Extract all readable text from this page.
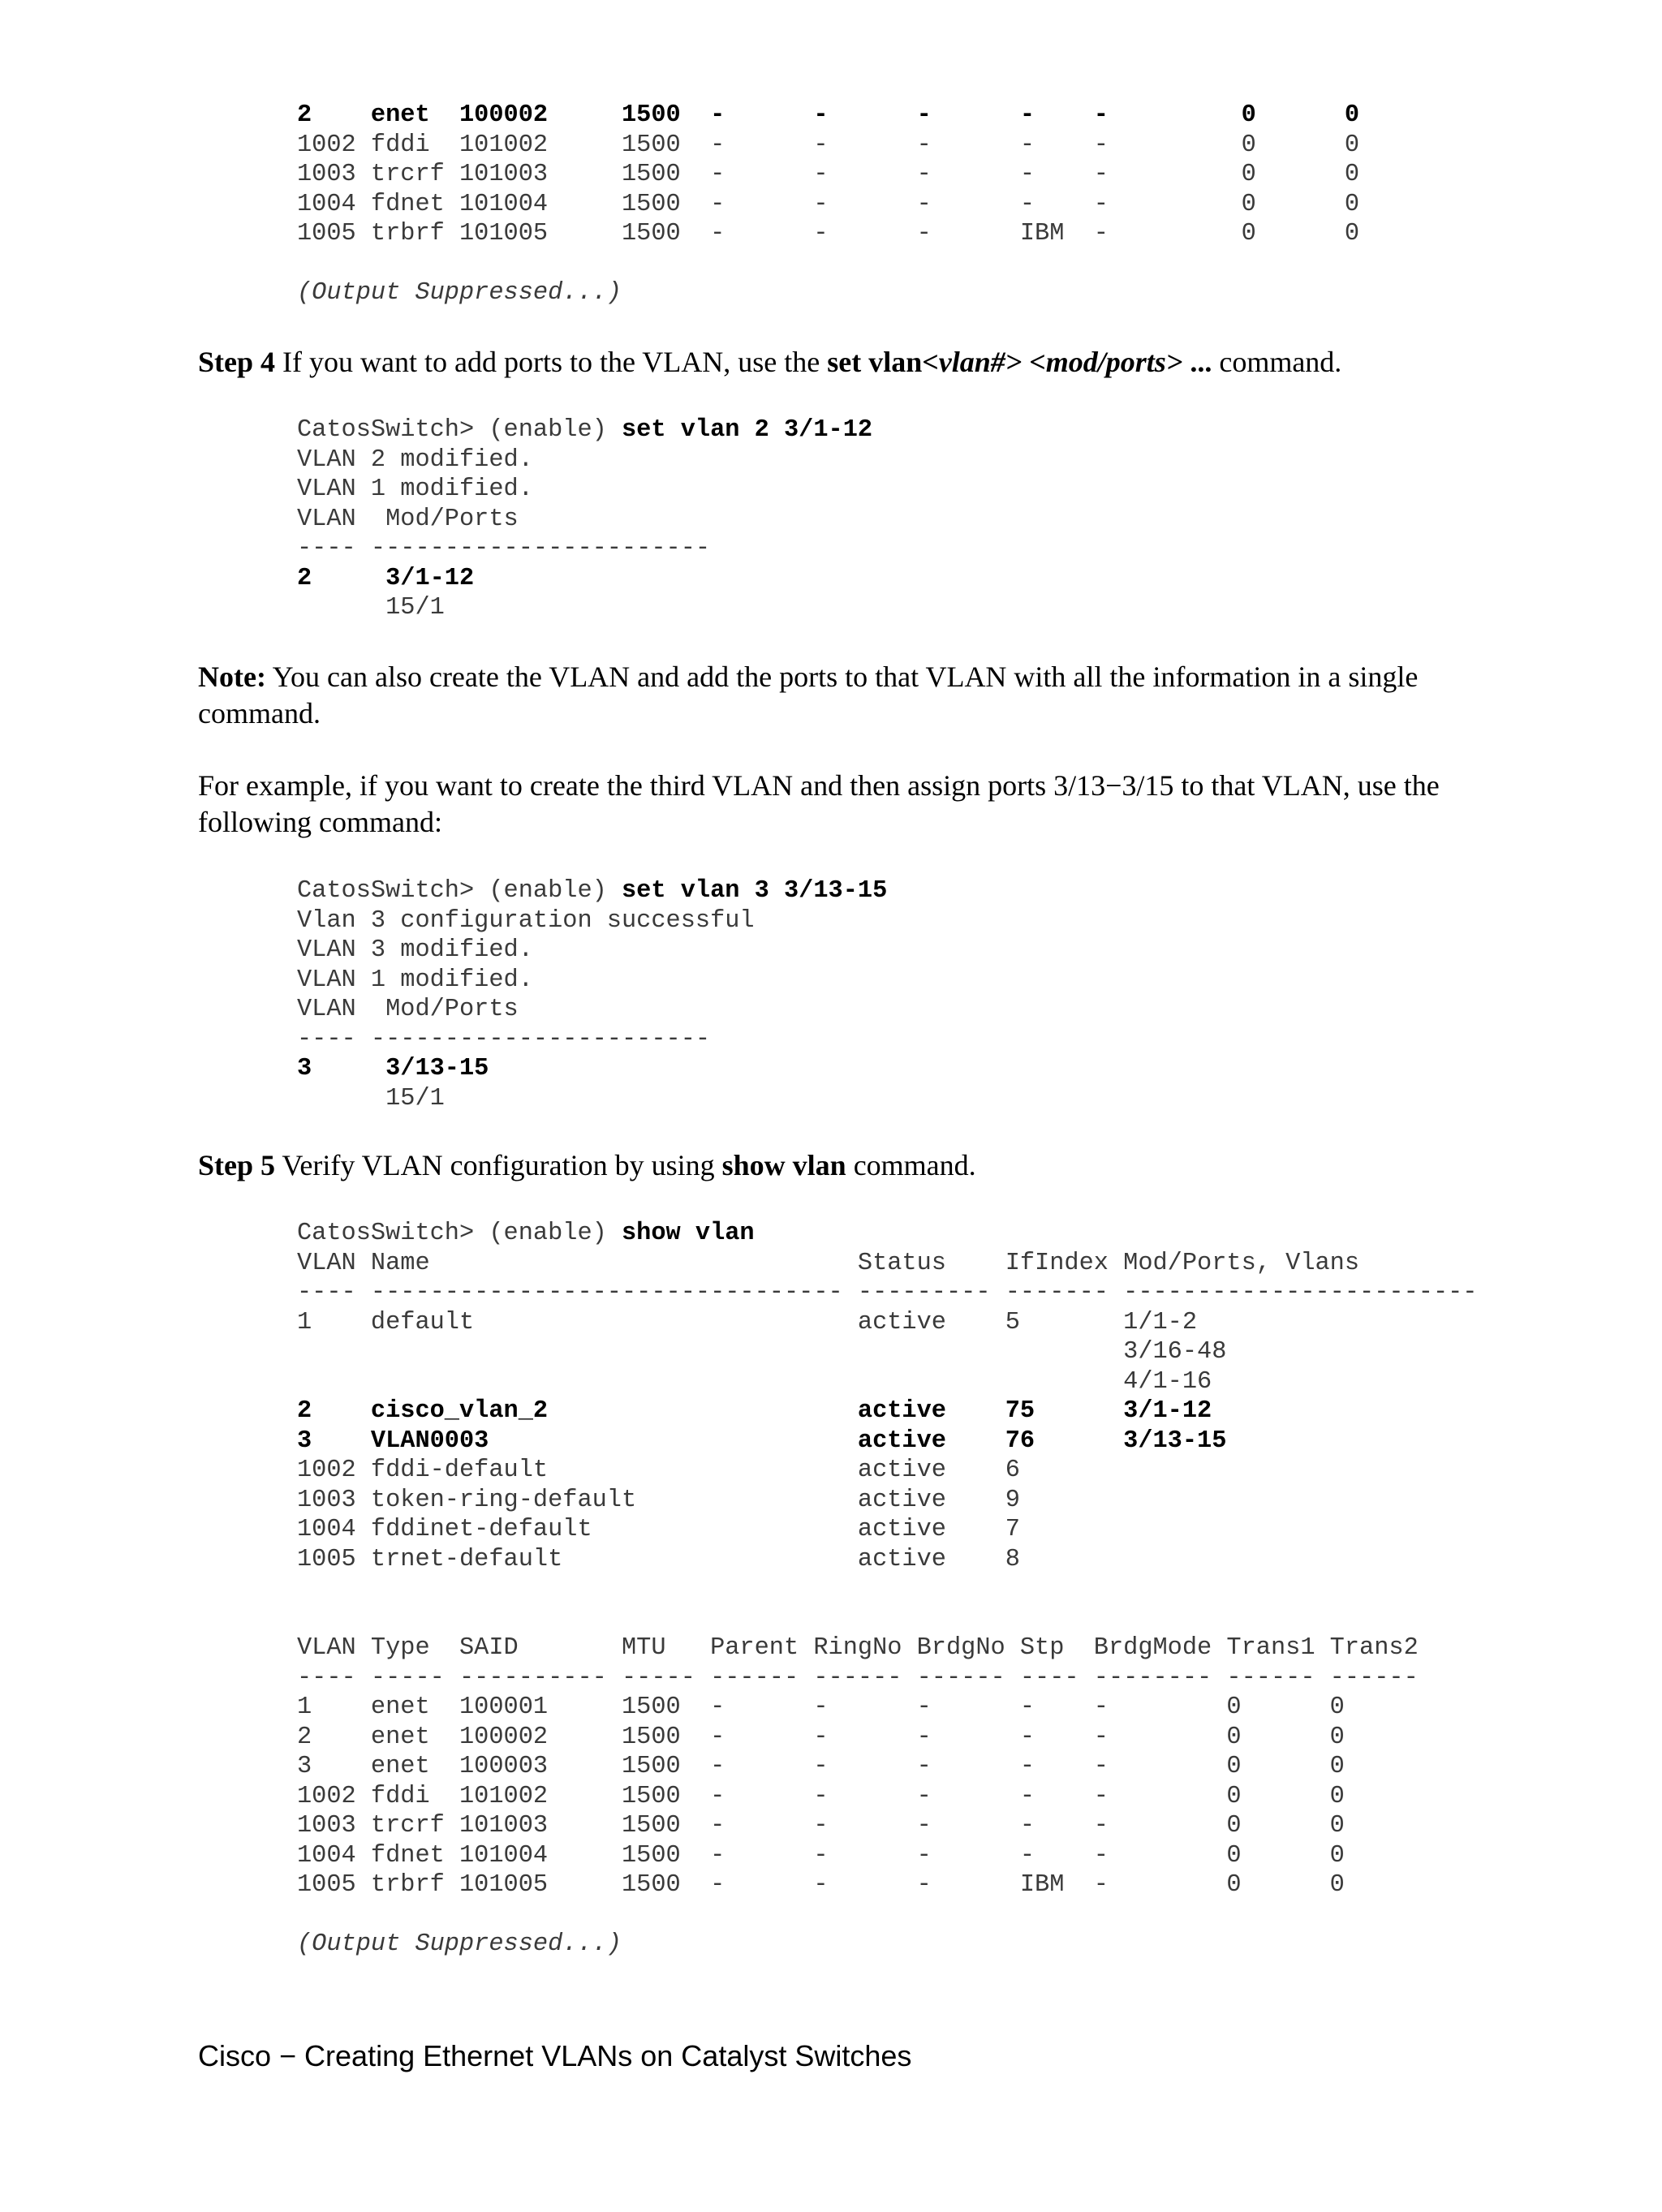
2    enet  100002     1500  -      -      -      -    -         0      0
1002 fddi  101002     1500  -      -      -      -    -         0      0
1003 trcrf 101003     1500  -      -      -      -    -         0      0
1004 fdnet 101004     1500  -      -      -      -    -         0      0
1005 trbrf 101005     1500  -      -      -      IBM  -         0      0

(Output Suppressed...)

Step 4 If you want to add ports to the VLAN, use the set vlan<vlan#> <mod/ports> ... command.

CatosSwitch> (enable) set vlan 2 3/1-12
VLAN 2 modified.
VLAN 1 modified.
VLAN  Mod/Ports
---- -----------------------
2     3/1-12
15/1

Note: You can also create the VLAN and add the ports to that VLAN with all the information in a single command.

For example, if you want to create the third VLAN and then assign ports 3/13−3/15 to that VLAN, use the following command:

CatosSwitch> (enable) set vlan 3 3/13-15
Vlan 3 configuration successful
VLAN 3 modified.
VLAN 1 modified.
VLAN  Mod/Ports
---- -----------------------
3     3/13-15
15/1

Step 5 Verify VLAN configuration by using show vlan command.

CatosSwitch> (enable) show vlan
VLAN Name                             Status    IfIndex Mod/Ports, Vlans
---- -------------------------------- --------- ------- ------------------------
1    default                          active    5       1/1-2
3/16-48
4/1-16
2    cisco_vlan_2                     active    75      3/1-12
3    VLAN0003                         active    76      3/13-15
1002 fddi-default                     active    6
1003 token-ring-default               active    9
1004 fddinet-default                  active    7
1005 trnet-default                    active    8

VLAN Type  SAID       MTU   Parent RingNo BrdgNo Stp  BrdgMode Trans1 Trans2
---- ----- ---------- ----- ------ ------ ------ ---- -------- ------ ------
1    enet  100001     1500  -      -      -      -    -        0      0
2    enet  100002     1500  -      -      -      -    -        0      0
3    enet  100003     1500  -      -      -      -    -        0      0
1002 fddi  101002     1500  -      -      -      -    -        0      0
1003 trcrf 101003     1500  -      -      -      -    -        0      0
1004 fdnet 101004     1500  -      -      -      -    -        0      0
1005 trbrf 101005     1500  -      -      -      IBM  -        0      0

(Output Suppressed...)

Cisco − Creating Ethernet VLANs on Catalyst Switches
